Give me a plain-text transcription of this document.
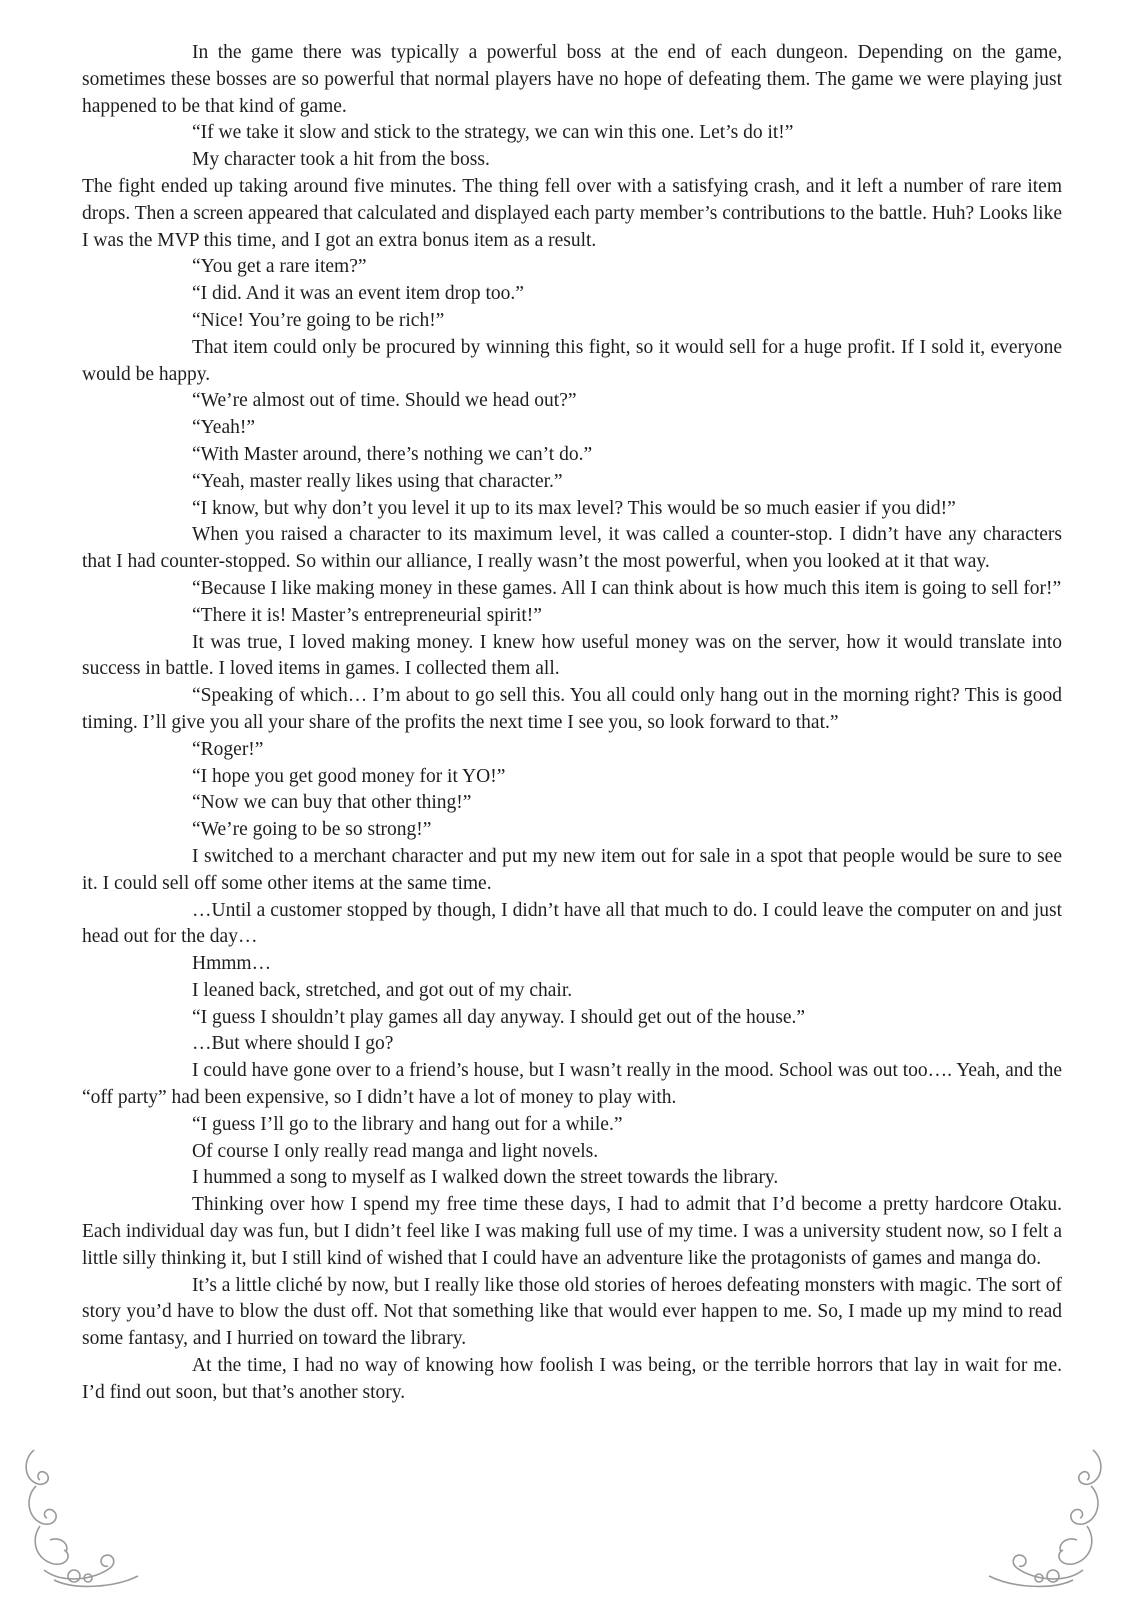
In the game there was typically a powerful boss at the end of each dungeon. Depending on the game, sometimes these bosses are so powerful that normal players have no hope of defeating them. The game we were playing just happened to be that kind of game.

“If we take it slow and stick to the strategy, we can win this one. Let’s do it!”

My character took a hit from the boss.

The fight ended up taking around five minutes. The thing fell over with a satisfying crash, and it left a number of rare item drops. Then a screen appeared that calculated and displayed each party member’s contributions to the battle. Huh? Looks like I was the MVP this time, and I got an extra bonus item as a result.

“You get a rare item?”

“I did. And it was an event item drop too.”

“Nice! You’re going to be rich!”

That item could only be procured by winning this fight, so it would sell for a huge profit. If I sold it, everyone would be happy.

“We’re almost out of time. Should we head out?”

“Yeah!”

“With Master around, there’s nothing we can’t do.”

“Yeah, master really likes using that character.”

“I know, but why don’t you level it up to its max level? This would be so much easier if you did!”

When you raised a character to its maximum level, it was called a counter-stop. I didn’t have any characters that I had counter-stopped. So within our alliance, I really wasn’t the most powerful, when you looked at it that way.

“Because I like making money in these games. All I can think about is how much this item is going to sell for!”

“There it is! Master’s entrepreneurial spirit!”

It was true, I loved making money. I knew how useful money was on the server, how it would translate into success in battle. I loved items in games. I collected them all.

“Speaking of which… I’m about to go sell this. You all could only hang out in the morning right? This is good timing. I’ll give you all your share of the profits the next time I see you, so look forward to that.”

“Roger!”

“I hope you get good money for it YO!”

“Now we can buy that other thing!”

“We’re going to be so strong!”

I switched to a merchant character and put my new item out for sale in a spot that people would be sure to see it. I could sell off some other items at the same time.

…Until a customer stopped by though, I didn’t have all that much to do. I could leave the computer on and just head out for the day…

Hmmm…

I leaned back, stretched, and got out of my chair.

“I guess I shouldn’t play games all day anyway. I should get out of the house.”

…But where should I go?

I could have gone over to a friend’s house, but I wasn’t really in the mood. School was out too…. Yeah, and the “off party” had been expensive, so I didn’t have a lot of money to play with.

“I guess I’ll go to the library and hang out for a while.”

Of course I only really read manga and light novels.

I hummed a song to myself as I walked down the street towards the library.

Thinking over how I spend my free time these days, I had to admit that I’d become a pretty hardcore Otaku. Each individual day was fun, but I didn’t feel like I was making full use of my time. I was a university student now, so I felt a little silly thinking it, but I still kind of wished that I could have an adventure like the protagonists of games and manga do.

It’s a little cliché by now, but I really like those old stories of heroes defeating monsters with magic. The sort of story you’d have to blow the dust off. Not that something like that would ever happen to me. So, I made up my mind to read some fantasy, and I hurried on toward the library.

At the time, I had no way of knowing how foolish I was being, or the terrible horrors that lay in wait for me. I’d find out soon, but that’s another story.
